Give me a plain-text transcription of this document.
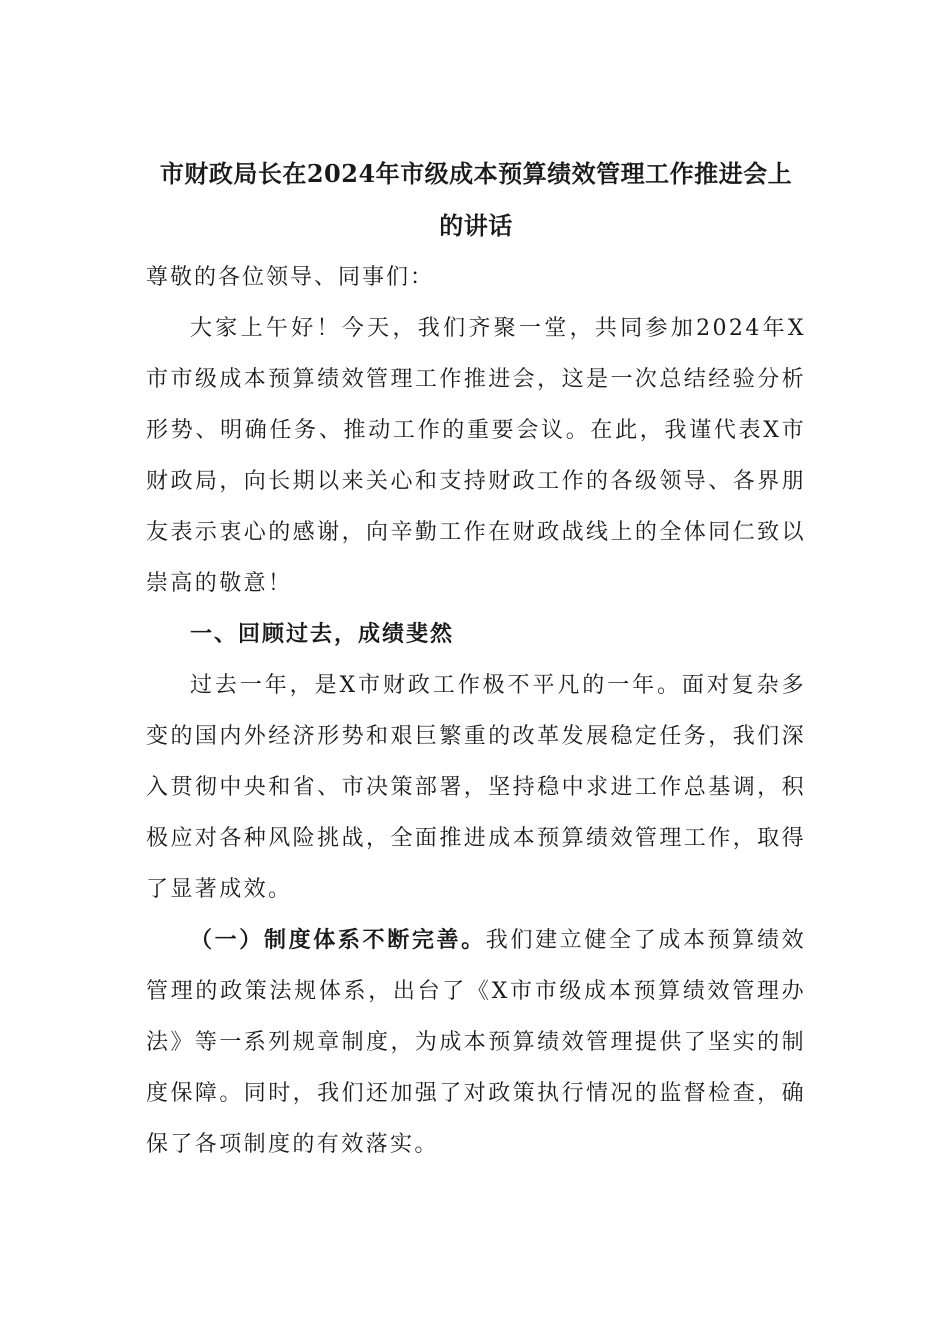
市财政局长在2024年市级成本预算绩效管理工作推进会上
的讲话

尊敬的各位领导、同事们：

大家上午好！今天，我们齐聚一堂，共同参加2024年X市市级成本预算绩效管理工作推进会，这是一次总结经验分析形势、明确任务、推动工作的重要会议。在此，我谨代表X市财政局，向长期以来关心和支持财政工作的各级领导、各界朋友表示衷心的感谢，向辛勤工作在财政战线上的全体同仁致以崇高的敬意！

一、回顾过去，成绩斐然

过去一年，是X市财政工作极不平凡的一年。面对复杂多变的国内外经济形势和艰巨繁重的改革发展稳定任务，我们深入贯彻中央和省、市决策部署，坚持稳中求进工作总基调，积极应对各种风险挑战，全面推进成本预算绩效管理工作，取得了显著成效。

（一）制度体系不断完善。我们建立健全了成本预算绩效管理的政策法规体系，出台了《X市市级成本预算绩效管理办法》等一系列规章制度，为成本预算绩效管理提供了坚实的制度保障。同时，我们还加强了对政策执行情况的监督检查，确保了各项制度的有效落实。
